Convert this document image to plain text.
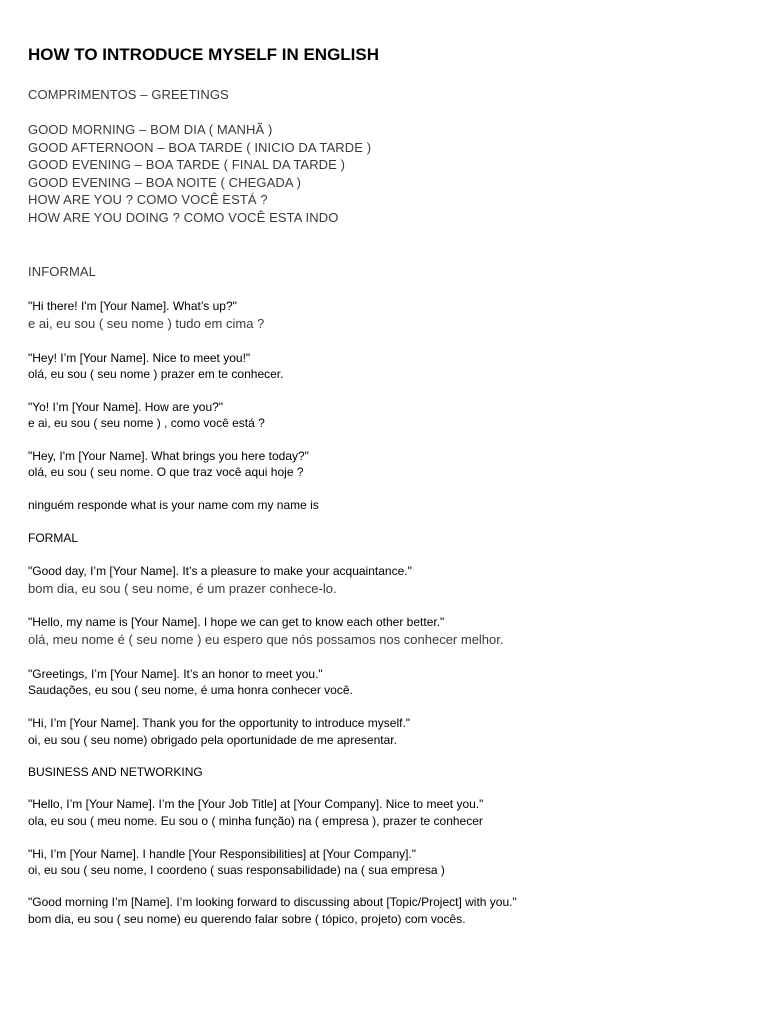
HOW TO INTRODUCE MYSELF IN ENGLISH
COMPRIMENTOS – GREETINGS
GOOD MORNING – BOM DIA ( MANHÃ )
GOOD AFTERNOON – BOA TARDE ( INICIO DA TARDE )
GOOD EVENING – BOA TARDE ( FINAL DA TARDE )
GOOD EVENING – BOA NOITE ( CHEGADA )
HOW ARE YOU ? COMO VOCÊ ESTÁ ?
HOW ARE YOU DOING ? COMO VOCÊ ESTA INDO
INFORMAL
"Hi there! I'm [Your Name]. What’s up?"
e ai, eu sou ( seu nome ) tudo em cima ?
"Hey! I’m [Your Name]. Nice to meet you!"
olá, eu sou ( seu nome ) prazer em te conhecer.
"Yo! I’m [Your Name]. How are you?"
e ai, eu sou ( seu nome ) , como você está ?
"Hey, I'm [Your Name]. What brings you here today?"
olá, eu sou ( seu nome. O que traz você aqui hoje ?
ninguém responde what is your name com my name is
FORMAL
"Good day, I’m [Your Name]. It’s a pleasure to make your acquaintance."
bom dia, eu sou ( seu nome, é um prazer conhece-lo.
"Hello, my name is [Your Name]. I hope we can get to know each other better."
olá, meu nome é ( seu nome ) eu espero que nós possamos nos conhecer melhor.
"Greetings, I’m [Your Name]. It’s an honor to meet you."
Saudações, eu sou ( seu nome, é uma honra conhecer você.
"Hi, I’m [Your Name]. Thank you for the opportunity to introduce myself."
oi, eu sou ( seu nome) obrigado pela oportunidade de me apresentar.
BUSINESS AND NETWORKING
"Hello, I’m [Your Name]. I’m the [Your Job Title] at [Your Company]. Nice to meet you."
ola, eu sou ( meu nome. Eu sou o ( minha função) na ( empresa ), prazer te conhecer
"Hi, I’m [Your Name]. I handle [Your Responsibilities] at [Your Company]."
oi, eu sou ( seu nome, I coordeno ( suas responsabilidade) na ( sua empresa )
"Good morning I’m [Name]. I’m looking forward to discussing about [Topic/Project] with you."
bom dia, eu sou ( seu nome) eu querendo falar sobre ( tópico, projeto) com vocês.
